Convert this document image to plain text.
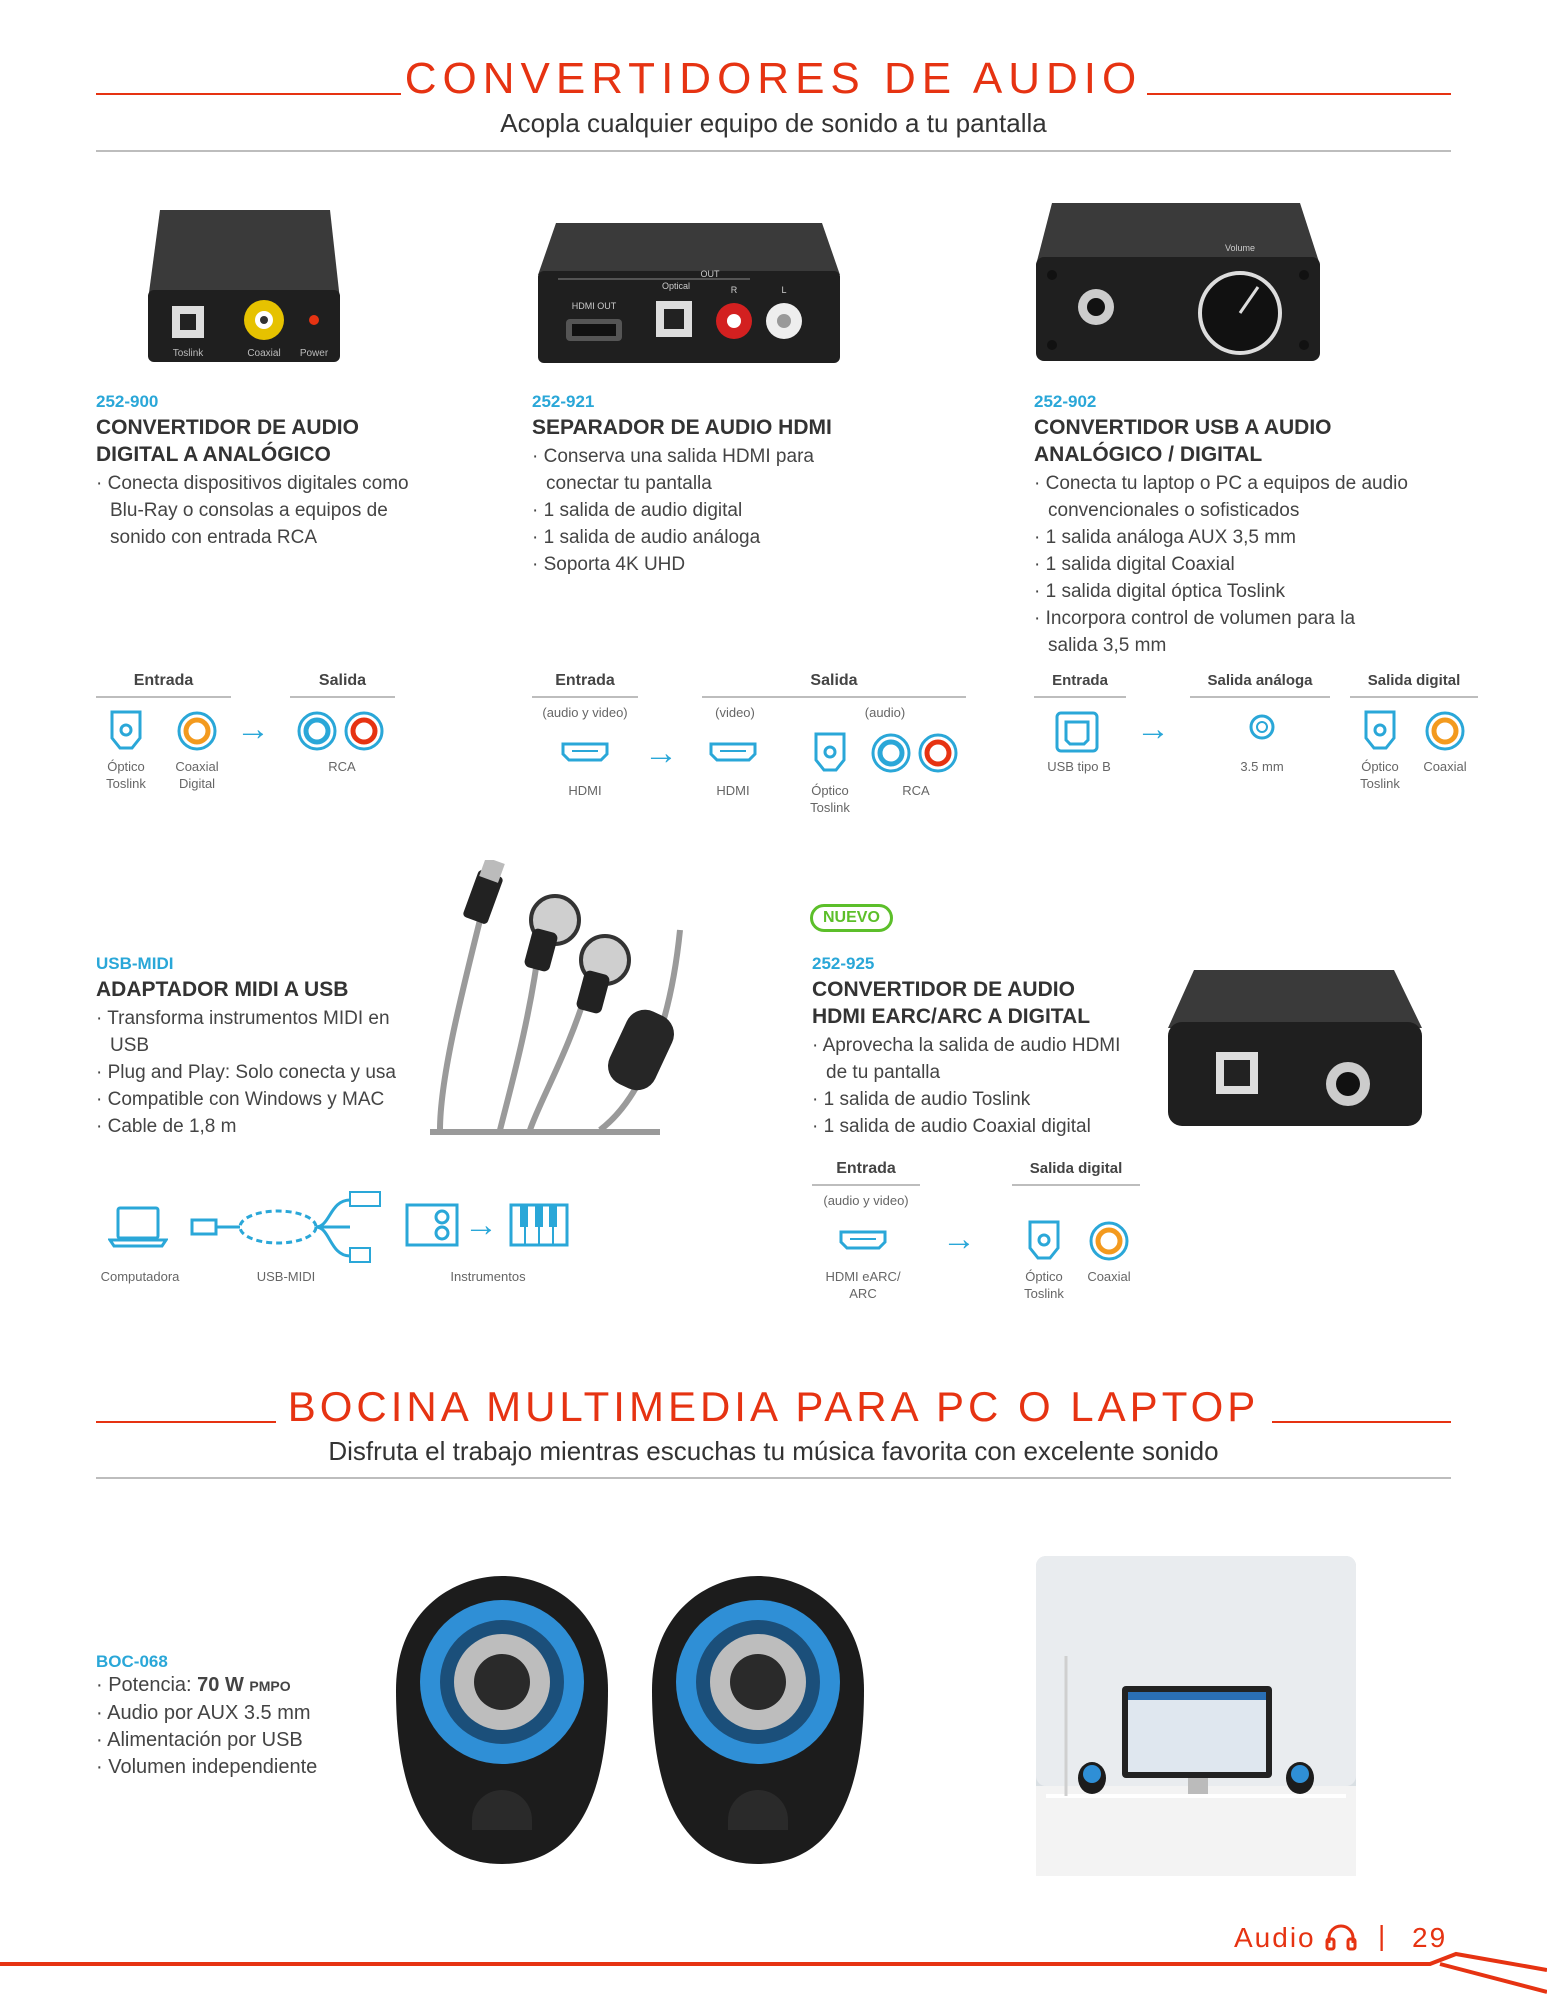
CONVERTIDORES DE AUDIO
Acopla cualquier equipo de sonido a tu pantalla
Toslink	Coaxial Power
HDMI OUT
Optical
OUT
R	L
Volume

252-900

CONVERTIDOR DE AUDIO
DIGITAL A ANALÓGICO

· Conecta dispositivos digitales como Blu-Ray o consolas a equipos de sonido con entrada RCA

252-921

SEPARADOR DE AUDIO HDMI

· Conserva una salida HDMI para conectar tu pantalla

· 1 salida de audio digital

· 1 salida de audio análoga

· Soporta 4K UHD

252-902

CONVERTIDOR USB A AUDIO
ANALÓGICO / DIGITAL

· Conecta tu laptop o PC a equipos de audio convencionales o sofisticados

· 1 salida análoga AUX 3,5 mm

· 1 salida digital Coaxial

· 1 salida digital óptica Toslink

· Incorpora control de volumen para la salida 3,5 mm

Entrada	Salida
→
Óptico Toslink
Coaxial Digital
RCA
Entrada	Salida
(audio y video)	(video)	(audio)
→
HDMI	HDMI	Óptico Toslink
RCA
Entrada	Salida análoga	Salida digital
→
USB tipo B	3.5 mm	Óptico Toslink
Coaxial

USB-MIDI

ADAPTADOR MIDI A USB

· Transforma instrumentos MIDI en USB

· Plug and Play: Solo conecta y usa

· Compatible con Windows y MAC

· Cable de 1,8 m

→
Computadora	USB-MIDI	Instrumentos
NUEVO

252-925

CONVERTIDOR DE AUDIO
HDMI EARC/ARC A DIGITAL

· Aprovecha la salida de audio HDMI de tu pantalla

· 1 salida de audio Toslink

· 1 salida de audio Coaxial digital

Entrada	Salida digital
(audio y video)
→
HDMI eARC/ ARC
Óptico Toslink
Coaxial
BOCINA MULTIMEDIA PARA PC O LAPTOP
Disfruta el trabajo mientras escuchas tu música favorita con excelente sonido

BOC-068

· Potencia: 70 W PMPO

· Audio por AUX 3.5 mm

· Alimentación por USB

· Volumen independiente

Audio	| 29
